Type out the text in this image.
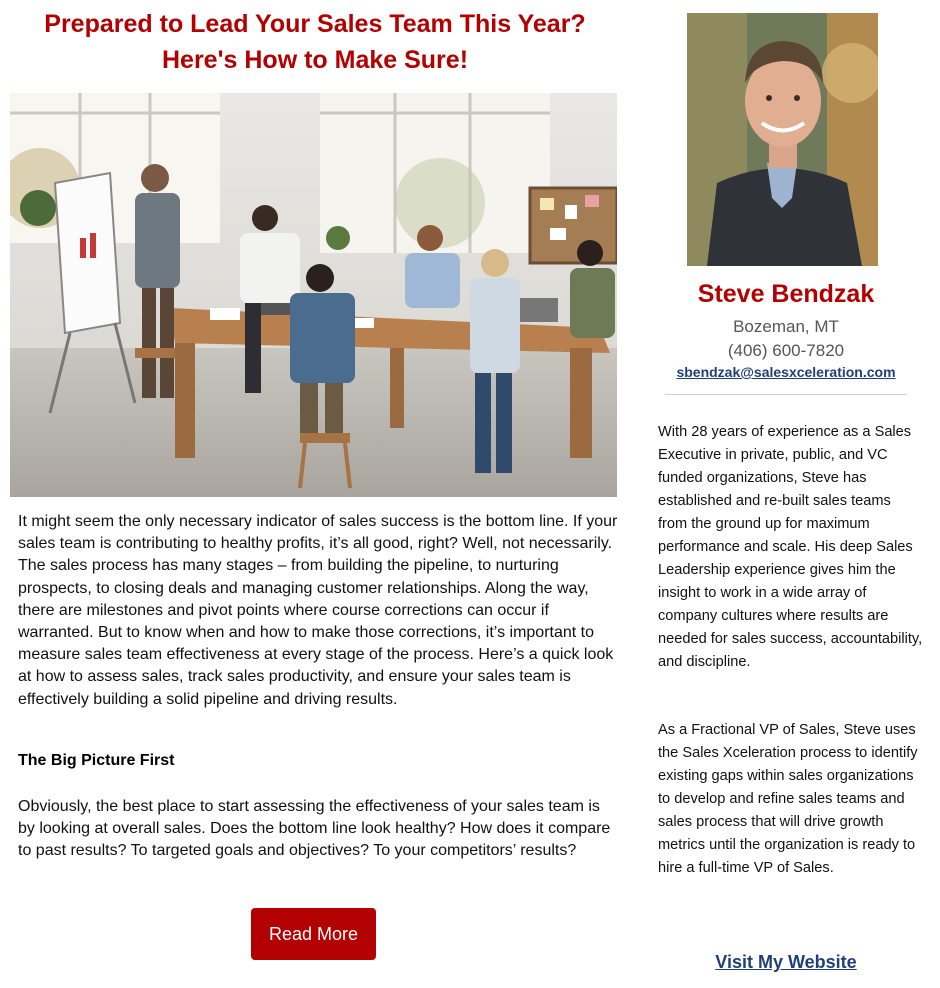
Prepared to Lead Your Sales Team This Year?
Here's How to Make Sure!
It might seem the only necessary indicator of sales success is the bottom line. If your sales team is contributing to healthy profits, it’s all good, right? Well, not necessarily. The sales process has many stages – from building the pipeline, to nurturing prospects, to closing deals and managing customer relationships. Along the way, there are milestones and pivot points where course corrections can occur if warranted. But to know when and how to make those corrections, it’s important to measure sales team effectiveness at every stage of the process. Here’s a quick look at how to assess sales, track sales productivity, and ensure your sales team is effectively building a solid pipeline and driving results.
The Big Picture First
Obviously, the best place to start assessing the effectiveness of your sales team is by looking at overall sales. Does the bottom line look healthy? How does it compare to past results? To targeted goals and objectives? To your competitors’ results?
Read More
Steve Bendzak
Bozeman, MT
(406) 600-7820
sbendzak@salesxceleration.com
With 28 years of experience as a Sales Executive in private, public, and VC funded organizations, Steve has established and re-built sales teams from the ground up for maximum performance and scale. His deep Sales Leadership experience gives him the insight to work in a wide array of company cultures where results are needed for sales success, accountability, and discipline.
As a Fractional VP of Sales, Steve uses the Sales Xceleration process to identify existing gaps within sales organizations to develop and refine sales teams and sales process that will drive growth metrics until the organization is ready to hire a full-time VP of Sales.
Visit My Website
